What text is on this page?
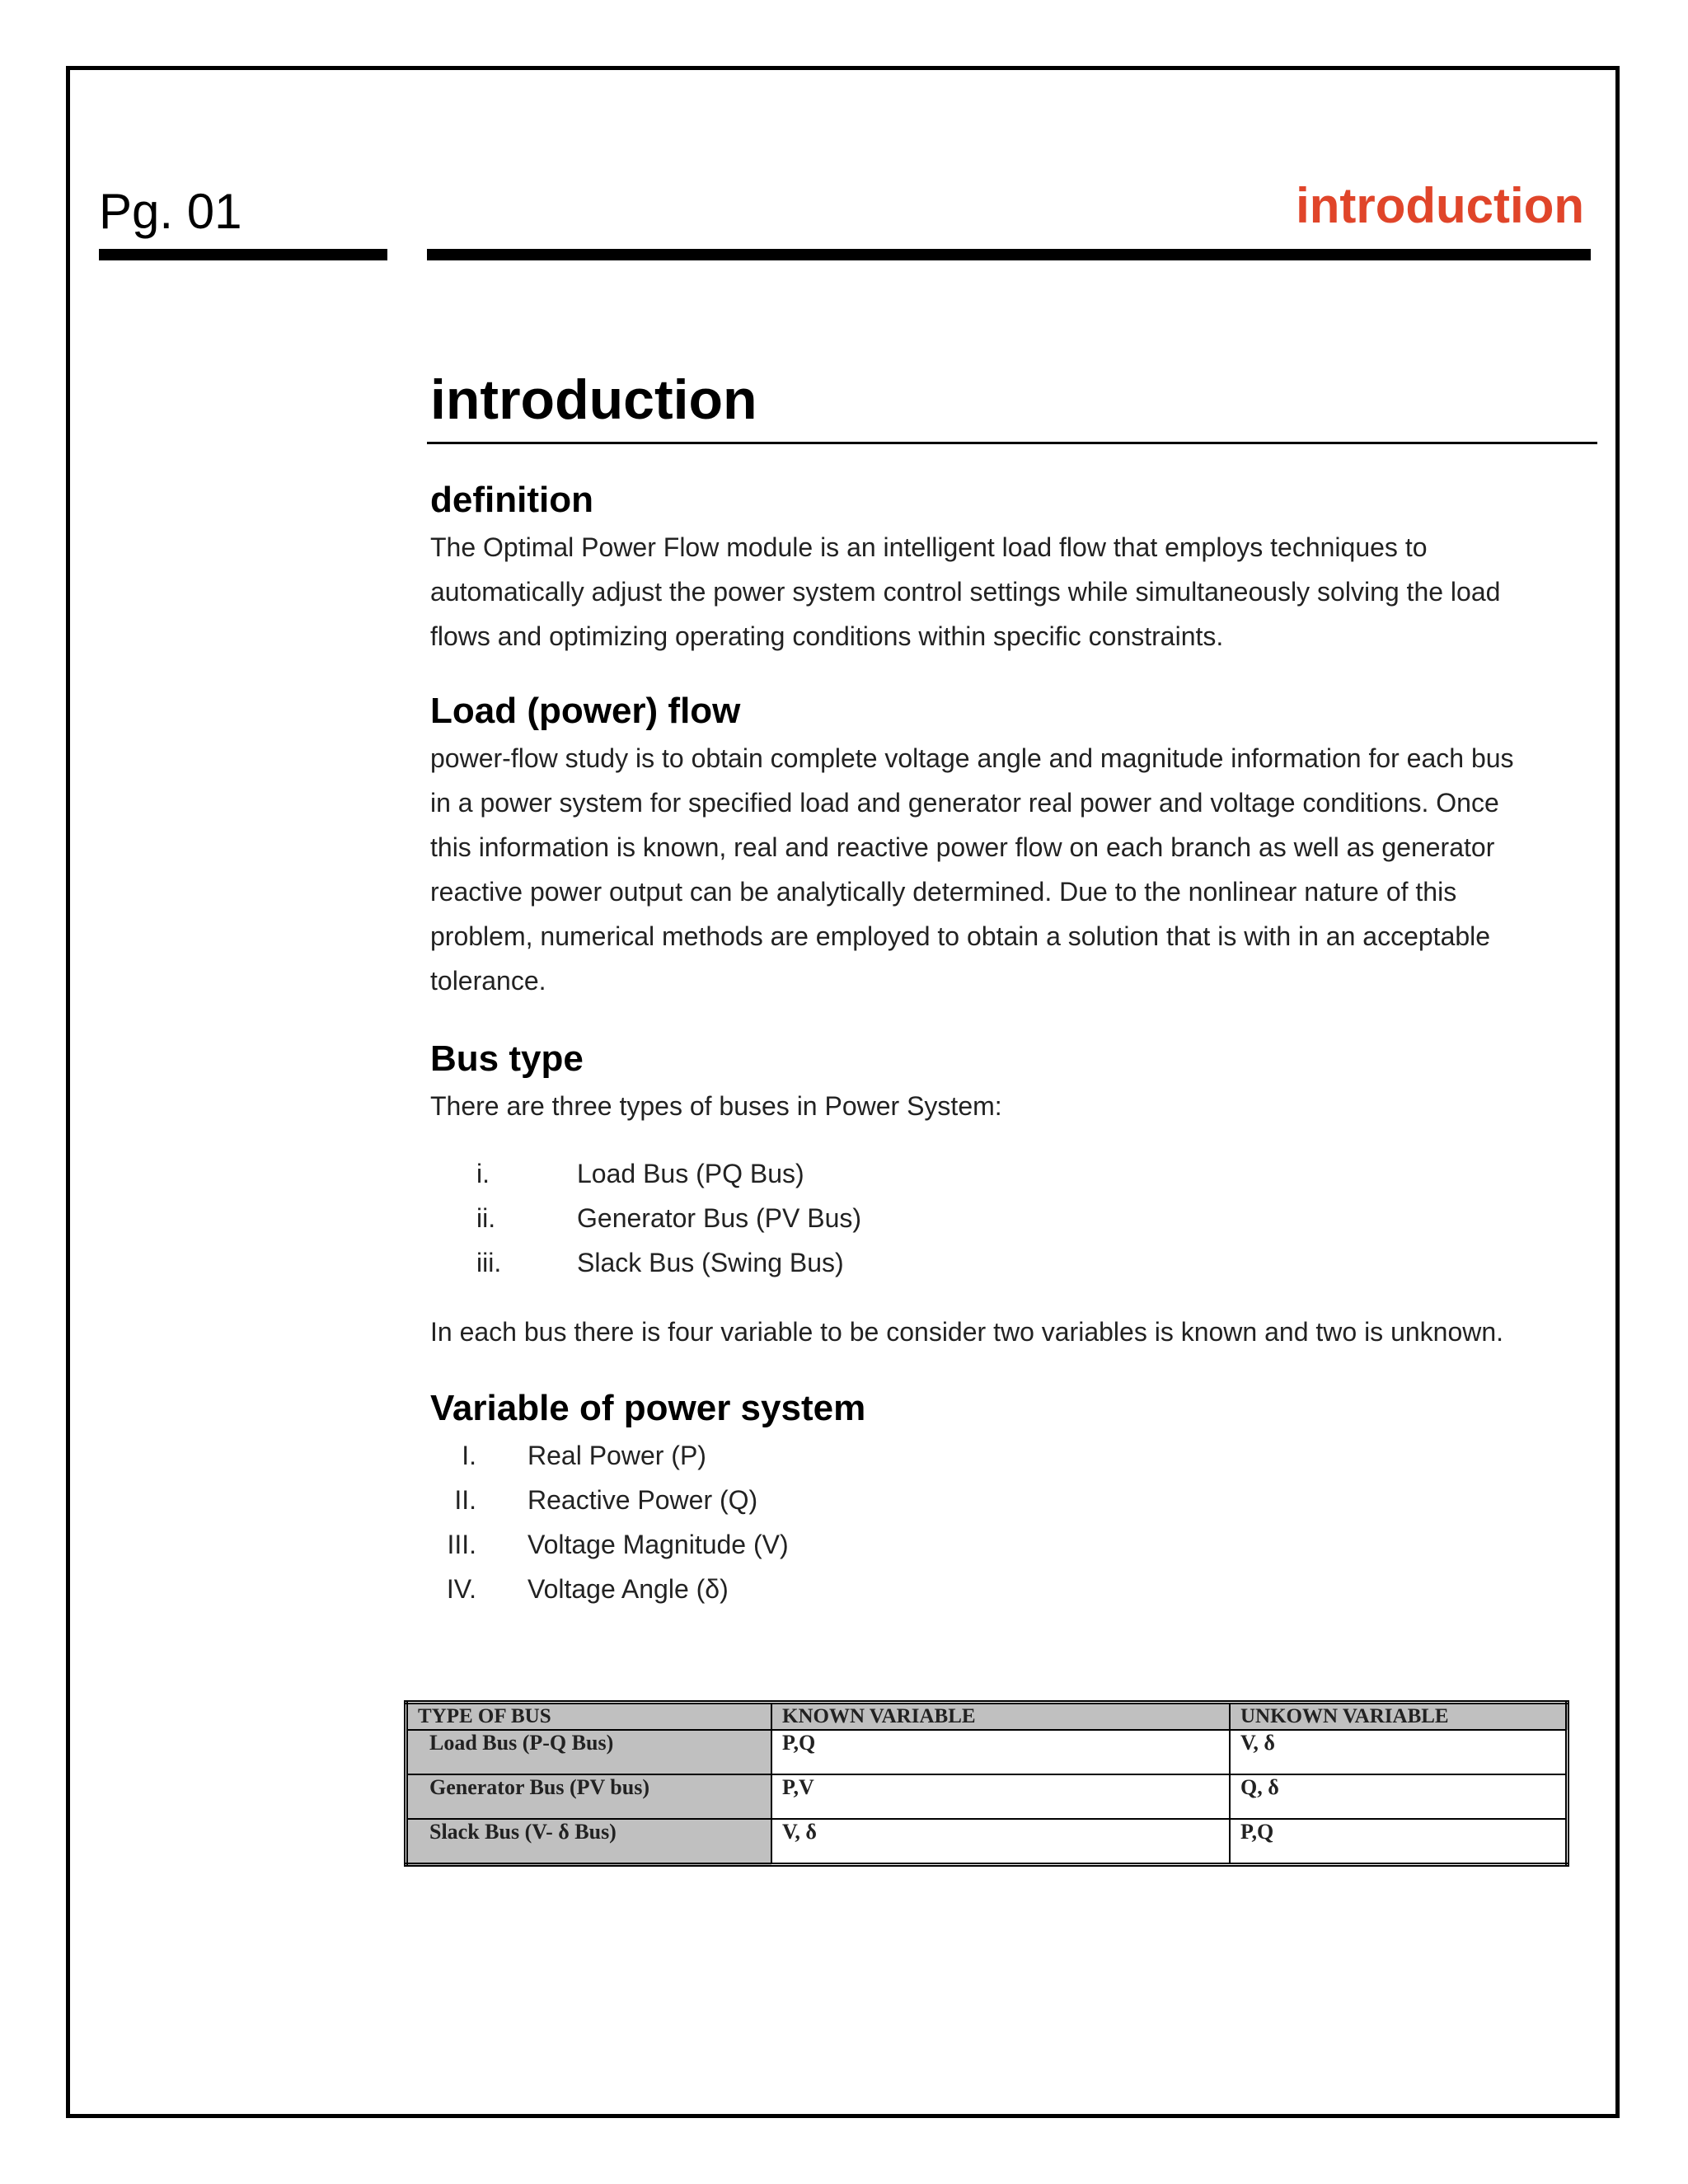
Pg. 01	introduction
introduction
definition

The Optimal Power Flow module is an intelligent load flow that employs techniques to

automatically adjust the power system control settings while simultaneously solving the load

flows and optimizing operating conditions within specific constraints.

Load (power) flow

power-flow study is to obtain complete voltage angle and magnitude information for each bus

in a power system for specified load and generator real power and voltage conditions. Once

this information is known, real and reactive power flow on each branch as well as generator

reactive power output can be analytically determined. Due to the nonlinear nature of this

problem, numerical methods are employed to obtain a solution that is with in an acceptable

tolerance.

Bus type

There are three types of buses in Power System:

i.	Load Bus (PQ Bus)
ii.	Generator Bus (PV Bus)
iii.	Slack Bus (Swing Bus)

In each bus there is four variable to be consider two variables is known and two is unknown.

Variable of power system
I. Real Power (P)
II. Reactive Power (Q)
III. Voltage Magnitude (V)
IV. Voltage Angle (δ)
TYPE OF BUS	KNOWN VARIABLE	UNKOWN VARIABLE
Load Bus (P-Q Bus)	P,Q	V, δ
Generator Bus (PV bus)	P,V	Q, δ
Slack Bus (V- δ Bus)	V, δ	P,Q
